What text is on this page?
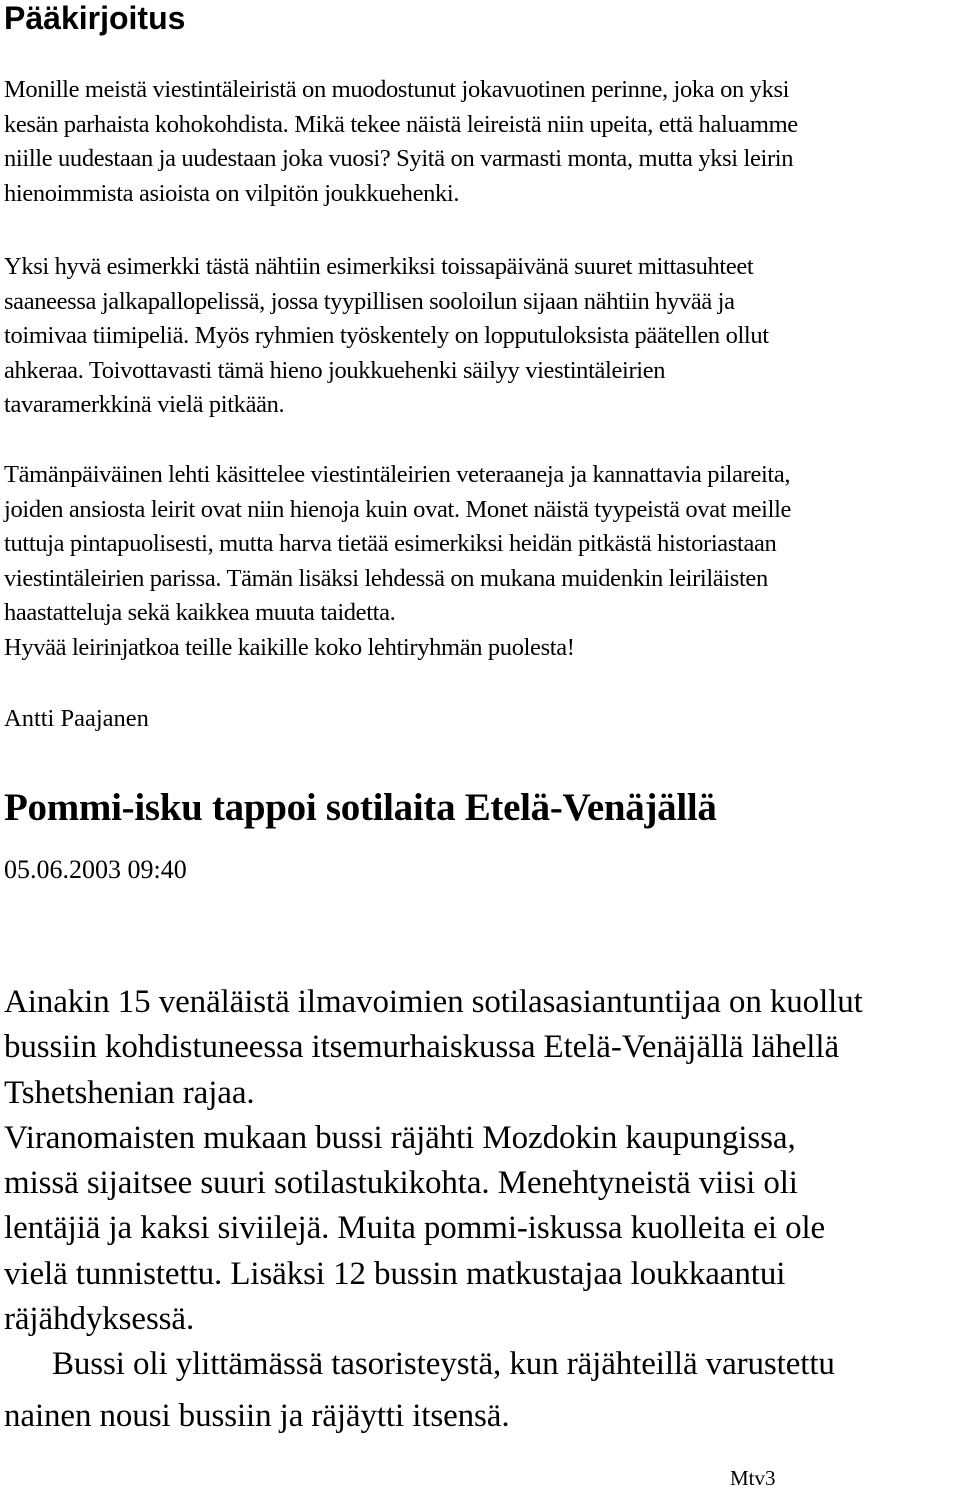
Pääkirjoitus

Monille meistä viestintäleiristä on muodostunut jokavuotinen perinne, joka on yksi
kesän parhaista kohokohdista. Mikä tekee näistä leireistä niin upeita, että haluamme
niille uudestaan ja uudestaan joka vuosi? Syitä on varmasti monta, mutta yksi leirin
hienoimmista asioista on vilpitön joukkuehenki.

Yksi hyvä esimerkki tästä nähtiin esimerkiksi toissapäivänä suuret mittasuhteet
saaneessa jalkapallopelissä, jossa tyypillisen sooloilun sijaan nähtiin hyvää ja
toimivaa tiimipeliä. Myös ryhmien työskentely on lopputuloksista päätellen ollut
ahkeraa. Toivottavasti tämä hieno joukkuehenki säilyy viestintäleirien
tavaramerkkinä vielä pitkään.

Tämänpäiväinen lehti käsittelee viestintäleirien veteraaneja ja kannattavia pilareita,
joiden ansiosta leirit ovat niin hienoja kuin ovat. Monet näistä tyypeistä ovat meille
tuttuja pintapuolisesti, mutta harva tietää esimerkiksi heidän pitkästä historiastaan
viestintäleirien parissa. Tämän lisäksi lehdessä on mukana muidenkin leiriläisten
haastatteluja sekä kaikkea muuta taidetta.
Hyvää leirinjatkoa teille kaikille koko lehtiryhmän puolesta!

Antti Paajanen

Pommi-isku tappoi sotilaita Etelä-Venäjällä

05.06.2003 09:40

Ainakin 15 venäläistä ilmavoimien sotilasasiantuntijaa on kuollut
bussiin kohdistuneessa itsemurhaiskussa Etelä-Venäjällä lähellä
Tshetshenian rajaa.
Viranomaisten mukaan bussi räjähti Mozdokin kaupungissa,
missä sijaitsee suuri sotilastukikohta. Menehtyneistä viisi oli
lentäjiä ja kaksi siviilejä. Muita pommi-iskussa kuolleita ei ole
vielä tunnistettu. Lisäksi 12 bussin matkustajaa loukkaantui
räjähdyksessä.
Bussi oli ylittämässä tasoristeystä, kun räjähteillä varustettu
nainen nousi bussiin ja räjäytti itsensä.

Mtv3
